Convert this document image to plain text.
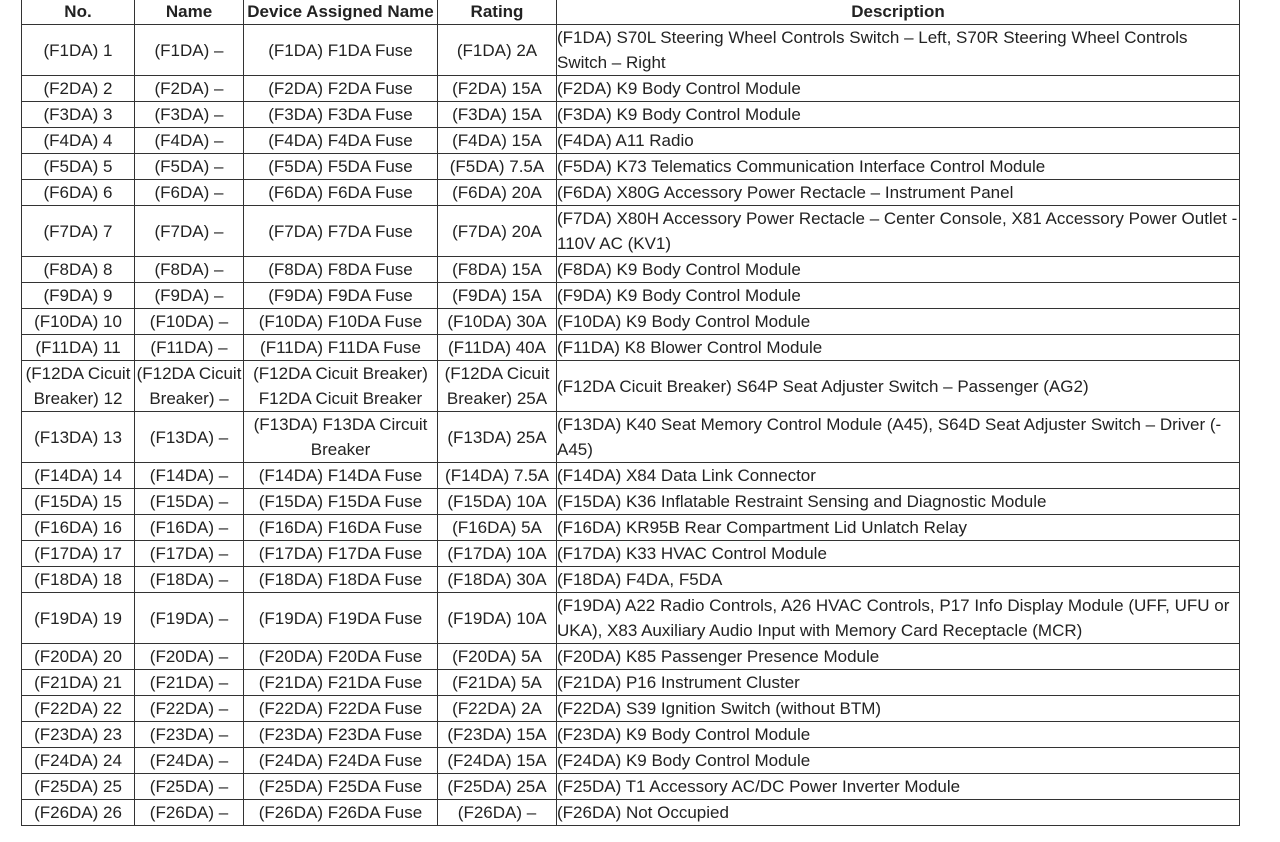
No.	Name	Device Assigned Name	Rating	Description
(F1DA) 1	(F1DA) –	(F1DA) F1DA Fuse	(F1DA) 2A	(F1DA) S70L Steering Wheel Controls Switch – Left, S70R Steering Wheel Controls Switch – Right
(F2DA) 2	(F2DA) –	(F2DA) F2DA Fuse	(F2DA) 15A	(F2DA) K9 Body Control Module
(F3DA) 3	(F3DA) –	(F3DA) F3DA Fuse	(F3DA) 15A	(F3DA) K9 Body Control Module
(F4DA) 4	(F4DA) –	(F4DA) F4DA Fuse	(F4DA) 15A	(F4DA) A11 Radio
(F5DA) 5	(F5DA) –	(F5DA) F5DA Fuse	(F5DA) 7.5A	(F5DA) K73 Telematics Communication Interface Control Module
(F6DA) 6	(F6DA) –	(F6DA) F6DA Fuse	(F6DA) 20A	(F6DA) X80G Accessory Power Rectacle – Instrument Panel
(F7DA) 7	(F7DA) –	(F7DA) F7DA Fuse	(F7DA) 20A	(F7DA) X80H Accessory Power Rectacle – Center Console, X81 Accessory Power Outlet - 110V AC (KV1)
(F8DA) 8	(F8DA) –	(F8DA) F8DA Fuse	(F8DA) 15A	(F8DA) K9 Body Control Module
(F9DA) 9	(F9DA) –	(F9DA) F9DA Fuse	(F9DA) 15A	(F9DA) K9 Body Control Module
(F10DA) 10	(F10DA) –	(F10DA) F10DA Fuse	(F10DA) 30A	(F10DA) K9 Body Control Module
(F11DA) 11	(F11DA) –	(F11DA) F11DA Fuse	(F11DA) 40A	(F11DA) K8 Blower Control Module
(F12DA Cicuit Breaker) 12	(F12DA Cicuit Breaker) –	(F12DA Cicuit Breaker) F12DA Cicuit Breaker	(F12DA Cicuit Breaker) 25A	(F12DA Cicuit Breaker) S64P Seat Adjuster Switch – Passenger (AG2)
(F13DA) 13	(F13DA) –	(F13DA) F13DA Circuit Breaker	(F13DA) 25A	(F13DA) K40 Seat Memory Control Module (A45), S64D Seat Adjuster Switch – Driver (-A45)
(F14DA) 14	(F14DA) –	(F14DA) F14DA Fuse	(F14DA) 7.5A	(F14DA) X84 Data Link Connector
(F15DA) 15	(F15DA) –	(F15DA) F15DA Fuse	(F15DA) 10A	(F15DA) K36 Inflatable Restraint Sensing and Diagnostic Module
(F16DA) 16	(F16DA) –	(F16DA) F16DA Fuse	(F16DA) 5A	(F16DA) KR95B Rear Compartment Lid Unlatch Relay
(F17DA) 17	(F17DA) –	(F17DA) F17DA Fuse	(F17DA) 10A	(F17DA) K33 HVAC Control Module
(F18DA) 18	(F18DA) –	(F18DA) F18DA Fuse	(F18DA) 30A	(F18DA) F4DA, F5DA
(F19DA) 19	(F19DA) –	(F19DA) F19DA Fuse	(F19DA) 10A	(F19DA) A22 Radio Controls, A26 HVAC Controls, P17 Info Display Module (UFF, UFU or UKA), X83 Auxiliary Audio Input with Memory Card Receptacle (MCR)
(F20DA) 20	(F20DA) –	(F20DA) F20DA Fuse	(F20DA) 5A	(F20DA) K85 Passenger Presence Module
(F21DA) 21	(F21DA) –	(F21DA) F21DA Fuse	(F21DA) 5A	(F21DA) P16 Instrument Cluster
(F22DA) 22	(F22DA) –	(F22DA) F22DA Fuse	(F22DA) 2A	(F22DA) S39 Ignition Switch (without BTM)
(F23DA) 23	(F23DA) –	(F23DA) F23DA Fuse	(F23DA) 15A	(F23DA) K9 Body Control Module
(F24DA) 24	(F24DA) –	(F24DA) F24DA Fuse	(F24DA) 15A	(F24DA) K9 Body Control Module
(F25DA) 25	(F25DA) –	(F25DA) F25DA Fuse	(F25DA) 25A	(F25DA) T1 Accessory AC/DC Power Inverter Module
(F26DA) 26	(F26DA) –	(F26DA) F26DA Fuse	(F26DA) –	(F26DA) Not Occupied
